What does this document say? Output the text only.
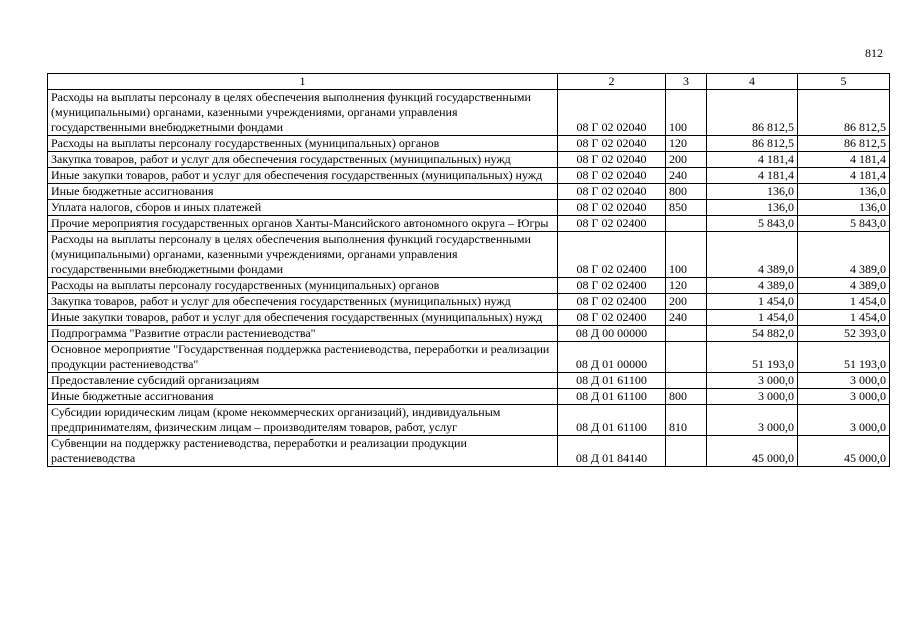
812
1	2	3	4	5
Расходы на выплаты персоналу в целях обеспечения выполнения функций государственными (муниципальными) органами, казенными учреждениями, органами управления государственными внебюджетными фондами	08 Г 02 02040	100	86 812,5	86 812,5
Расходы на выплаты персоналу государственных (муниципальных) органов	08 Г 02 02040	120	86 812,5	86 812,5
Закупка товаров, работ и услуг для обеспечения государственных (муниципальных) нужд	08 Г 02 02040	200	4 181,4	4 181,4
Иные закупки товаров, работ и услуг для обеспечения государственных (муниципальных) нужд	08 Г 02 02040	240	4 181,4	4 181,4
Иные бюджетные ассигнования	08 Г 02 02040	800	136,0	136,0
Уплата налогов, сборов и иных платежей	08 Г 02 02040	850	136,0	136,0
Прочие мероприятия государственных органов Ханты-Мансийского автономного округа – Югры	08 Г 02 02400		5 843,0	5 843,0
Расходы на выплаты персоналу в целях обеспечения выполнения функций государственными (муниципальными) органами, казенными учреждениями, органами управления государственными внебюджетными фондами	08 Г 02 02400	100	4 389,0	4 389,0
Расходы на выплаты персоналу государственных (муниципальных) органов	08 Г 02 02400	120	4 389,0	4 389,0
Закупка товаров, работ и услуг для обеспечения государственных (муниципальных) нужд	08 Г 02 02400	200	1 454,0	1 454,0
Иные закупки товаров, работ и услуг для обеспечения государственных (муниципальных) нужд	08 Г 02 02400	240	1 454,0	1 454,0
Подпрограмма "Развитие отрасли растениеводства"	08 Д 00 00000		54 882,0	52 393,0
Основное мероприятие "Государственная поддержка растениеводства, переработки и реализации продукции растениеводства"	08 Д 01 00000		51 193,0	51 193,0
Предоставление субсидий организациям	08 Д 01 61100		3 000,0	3 000,0
Иные бюджетные ассигнования	08 Д 01 61100	800	3 000,0	3 000,0
Субсидии юридическим лицам (кроме некоммерческих организаций), индивидуальным предпринимателям, физическим лицам – производителям товаров, работ, услуг	08 Д 01 61100	810	3 000,0	3 000,0
Субвенции на поддержку растениеводства, переработки и реализации продукции растениеводства	08 Д 01 84140		45 000,0	45 000,0
